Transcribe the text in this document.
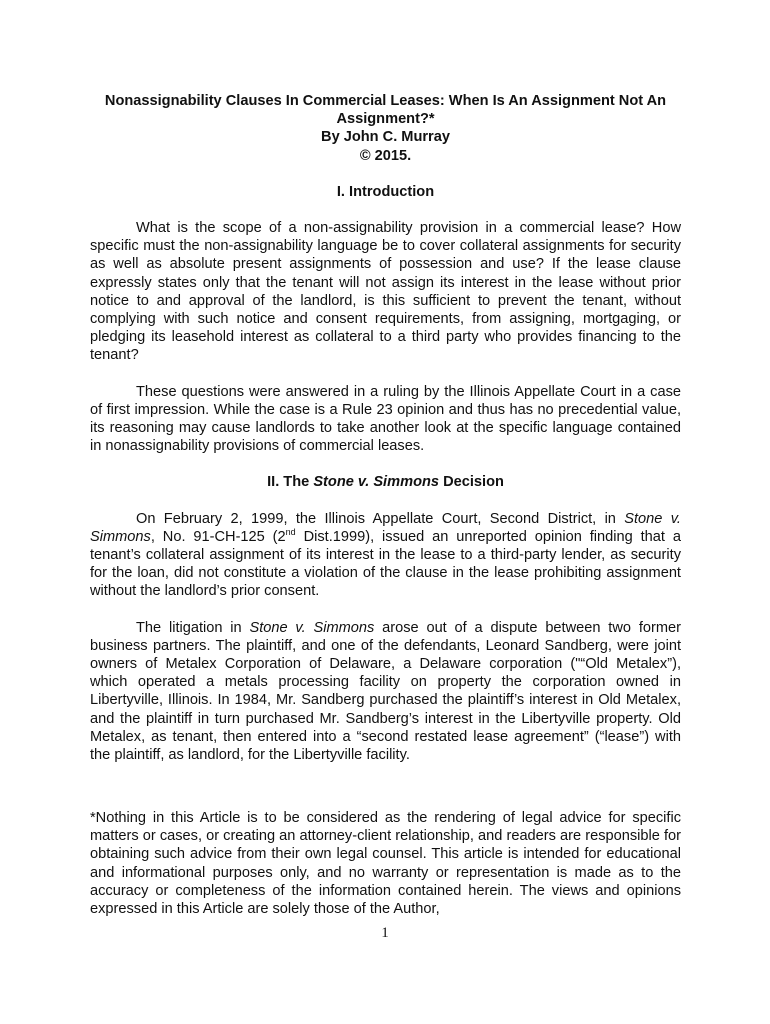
Nonassignability Clauses In Commercial Leases: When Is An Assignment Not An

Assignment?*

By John C. Murray

© 2015.

I. Introduction

What is the scope of a non-assignability provision in a commercial lease? How specific must the non-assignability language be to cover collateral assignments for security as well as absolute present assignments of possession and use? If the lease clause expressly states only that the tenant will not assign its interest in the lease without prior notice to and approval of the landlord, is this sufficient to prevent the tenant, without complying with such notice and consent requirements, from assigning, mortgaging, or pledging its leasehold interest as collateral to a third party who provides financing to the tenant?

These questions were answered in a ruling by the Illinois Appellate Court in a case of first impression. While the case is a Rule 23 opinion and thus has no precedential value, its reasoning may cause landlords to take another look at the specific language contained in nonassignability provisions of commercial leases.

II. The Stone v. Simmons Decision

On February 2, 1999, the Illinois Appellate Court, Second District, in Stone v. Simmons, No. 91-CH-125 (2nd Dist.1999), issued an unreported opinion finding that a tenant’s collateral assignment of its interest in the lease to a third-party lender, as security for the loan, did not constitute a violation of the clause in the lease prohibiting assignment without the landlord’s prior consent.

The litigation in Stone v. Simmons arose out of a dispute between two former business partners. The plaintiff, and one of the defendants, Leonard Sandberg, were joint owners of Metalex Corporation of Delaware, a Delaware corporation ("“Old Metalex”), which operated a metals processing facility on property the corporation owned in Libertyville, Illinois. In 1984, Mr. Sandberg purchased the plaintiff’s interest in Old Metalex, and the plaintiff in turn purchased Mr. Sandberg’s interest in the Libertyville property. Old Metalex, as tenant, then entered into a “second restated lease agreement” (“lease”) with the plaintiff, as landlord, for the Libertyville facility.

*Nothing in this Article is to be considered as the rendering of legal advice for specific matters or cases, or creating an attorney-client relationship, and readers are responsible for obtaining such advice from their own legal counsel. This article is intended for educational and informational purposes only, and no warranty or representation is made as to the accuracy or completeness of the information contained herein. The views and opinions expressed in this Article are solely those of the Author,

1
